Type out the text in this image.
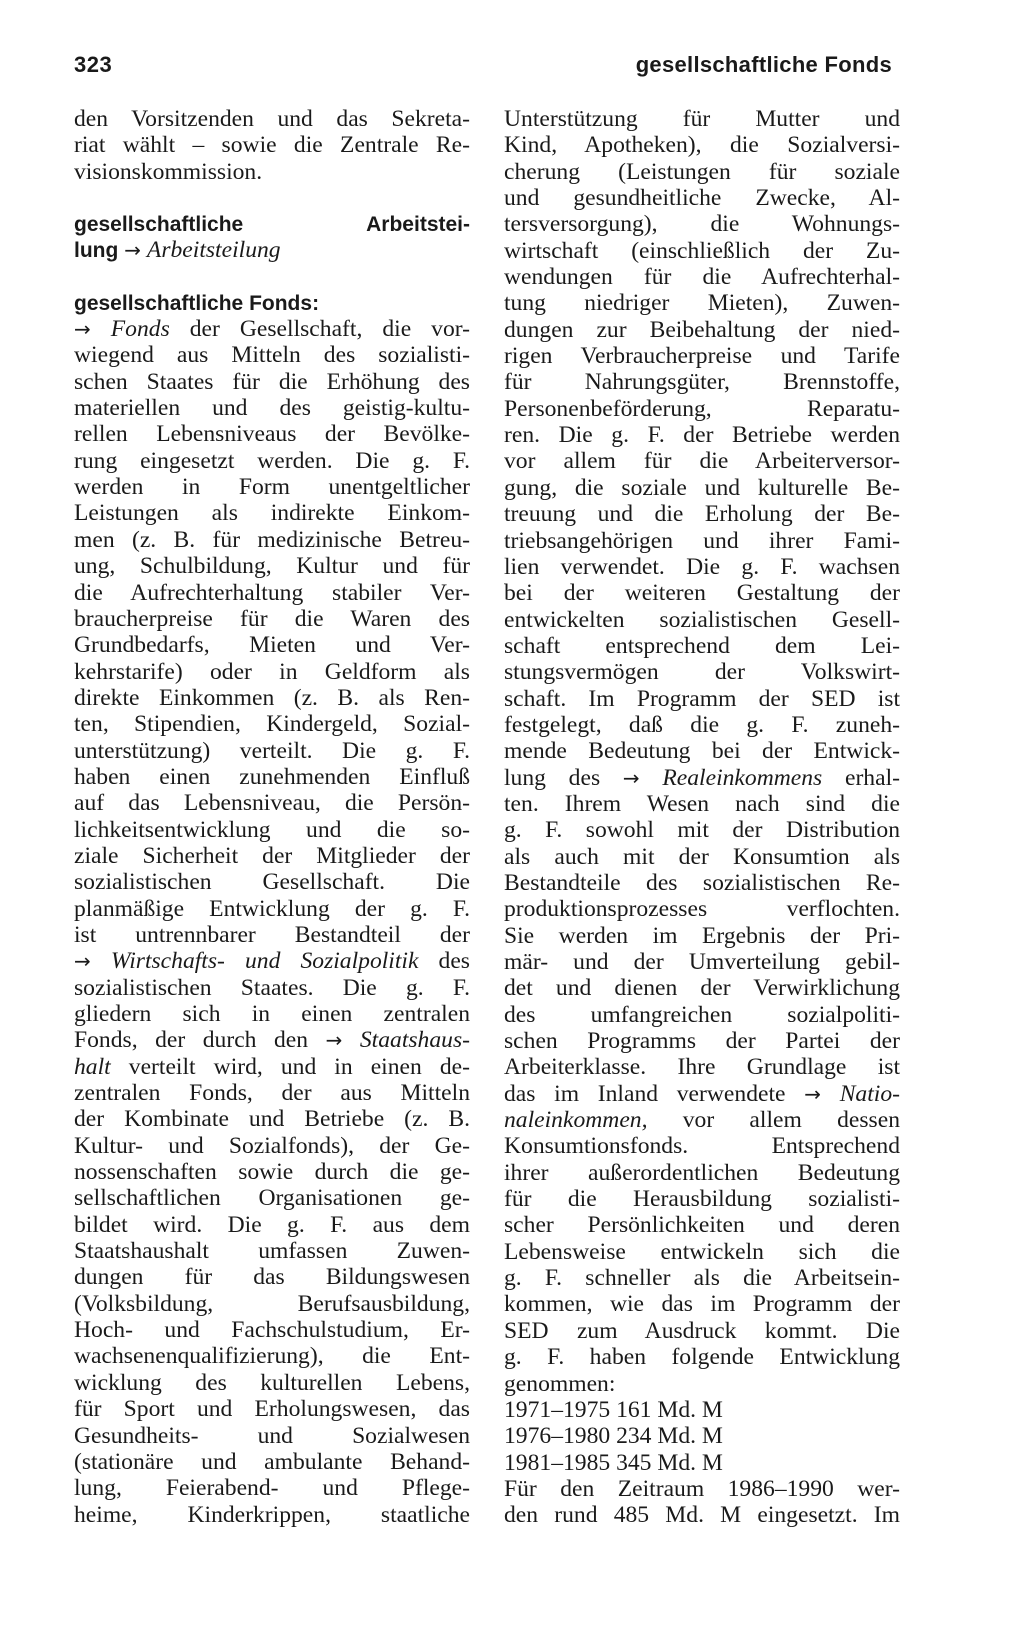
323	gesellschaftliche Fonds
den Vorsitzenden und das Sekreta-
riat wählt – sowie die Zentrale Re-
visionskommission.
gesellschaftliche	Arbeitstei-
lung → Arbeitsteilung
gesellschaftliche Fonds:
→ Fonds der Gesellschaft, die vor-
wiegend aus Mitteln des sozialisti-
schen Staates für die Erhöhung des
materiellen und des geistig-kultu-
rellen Lebensniveaus der Bevölke-
rung eingesetzt werden. Die g. F.
werden in Form unentgeltlicher
Leistungen als indirekte Einkom-
men (z. B. für medizinische Betreu-
ung, Schulbildung, Kultur und für
die Aufrechterhaltung stabiler Ver-
braucherpreise für die Waren des
Grundbedarfs, Mieten und Ver-
kehrstarife) oder in Geldform als
direkte Einkommen (z. B. als Ren-
ten, Stipendien, Kindergeld, Sozial-
unterstützung) verteilt. Die g. F.
haben einen zunehmenden Einfluß
auf das Lebensniveau, die Persön-
lichkeitsentwicklung und die so-
ziale Sicherheit der Mitglieder der
sozialistischen Gesellschaft. Die
planmäßige Entwicklung der g. F.
ist untrennbarer Bestandteil der
→ Wirtschafts- und Sozialpolitik des
sozialistischen Staates. Die g. F.
gliedern sich in einen zentralen
Fonds, der durch den → Staatshaus-
halt verteilt wird, und in einen de-
zentralen Fonds, der aus Mitteln
der Kombinate und Betriebe (z. B.
Kultur- und Sozialfonds), der Ge-
nossenschaften sowie durch die ge-
sellschaftlichen Organisationen ge-
bildet wird. Die g. F. aus dem
Staatshaushalt umfassen Zuwen-
dungen für das Bildungswesen
(Volksbildung, Berufsausbildung,
Hoch- und Fachschulstudium, Er-
wachsenenqualifizierung), die Ent-
wicklung des kulturellen Lebens,
für Sport und Erholungswesen, das
Gesundheits- und Sozialwesen
(stationäre und ambulante Behand-
lung, Feierabend- und Pflege-
heime, Kinderkrippen, staatliche
Unterstützung für Mutter und
Kind, Apotheken), die Sozialversi-
cherung (Leistungen für soziale
und gesundheitliche Zwecke, Al-
tersversorgung), die Wohnungs-
wirtschaft (einschließlich der Zu-
wendungen für die Aufrechterhal-
tung niedriger Mieten), Zuwen-
dungen zur Beibehaltung der nied-
rigen Verbraucherpreise und Tarife
für Nahrungsgüter, Brennstoffe,
Personenbeförderung, Reparatu-
ren. Die g. F. der Betriebe werden
vor allem für die Arbeiterversor-
gung, die soziale und kulturelle Be-
treuung und die Erholung der Be-
triebsangehörigen und ihrer Fami-
lien verwendet. Die g. F. wachsen
bei der weiteren Gestaltung der
entwickelten sozialistischen Gesell-
schaft entsprechend dem Lei-
stungsvermögen der Volkswirt-
schaft. Im Programm der SED ist
festgelegt, daß die g. F. zuneh-
mende Bedeutung bei der Entwick-
lung des → Realeinkommens erhal-
ten. Ihrem Wesen nach sind die
g. F. sowohl mit der Distribution
als auch mit der Konsumtion als
Bestandteile des sozialistischen Re-
produktionsprozesses verflochten.
Sie werden im Ergebnis der Pri-
mär- und der Umverteilung gebil-
det und dienen der Verwirklichung
des umfangreichen sozialpoliti-
schen Programms der Partei der
Arbeiterklasse. Ihre Grundlage ist
das im Inland verwendete → Natio-
naleinkommen, vor allem dessen
Konsumtionsfonds. Entsprechend
ihrer außerordentlichen Bedeutung
für die Herausbildung sozialisti-
scher Persönlichkeiten und deren
Lebensweise entwickeln sich die
g. F. schneller als die Arbeitsein-
kommen, wie das im Programm der
SED zum Ausdruck kommt. Die
g. F. haben folgende Entwicklung
genommen:
1971–1975 161 Md. M
1976–1980 234 Md. M
1981–1985 345 Md. M
Für den Zeitraum 1986–1990 wer-
den rund 485 Md. M eingesetzt. Im
